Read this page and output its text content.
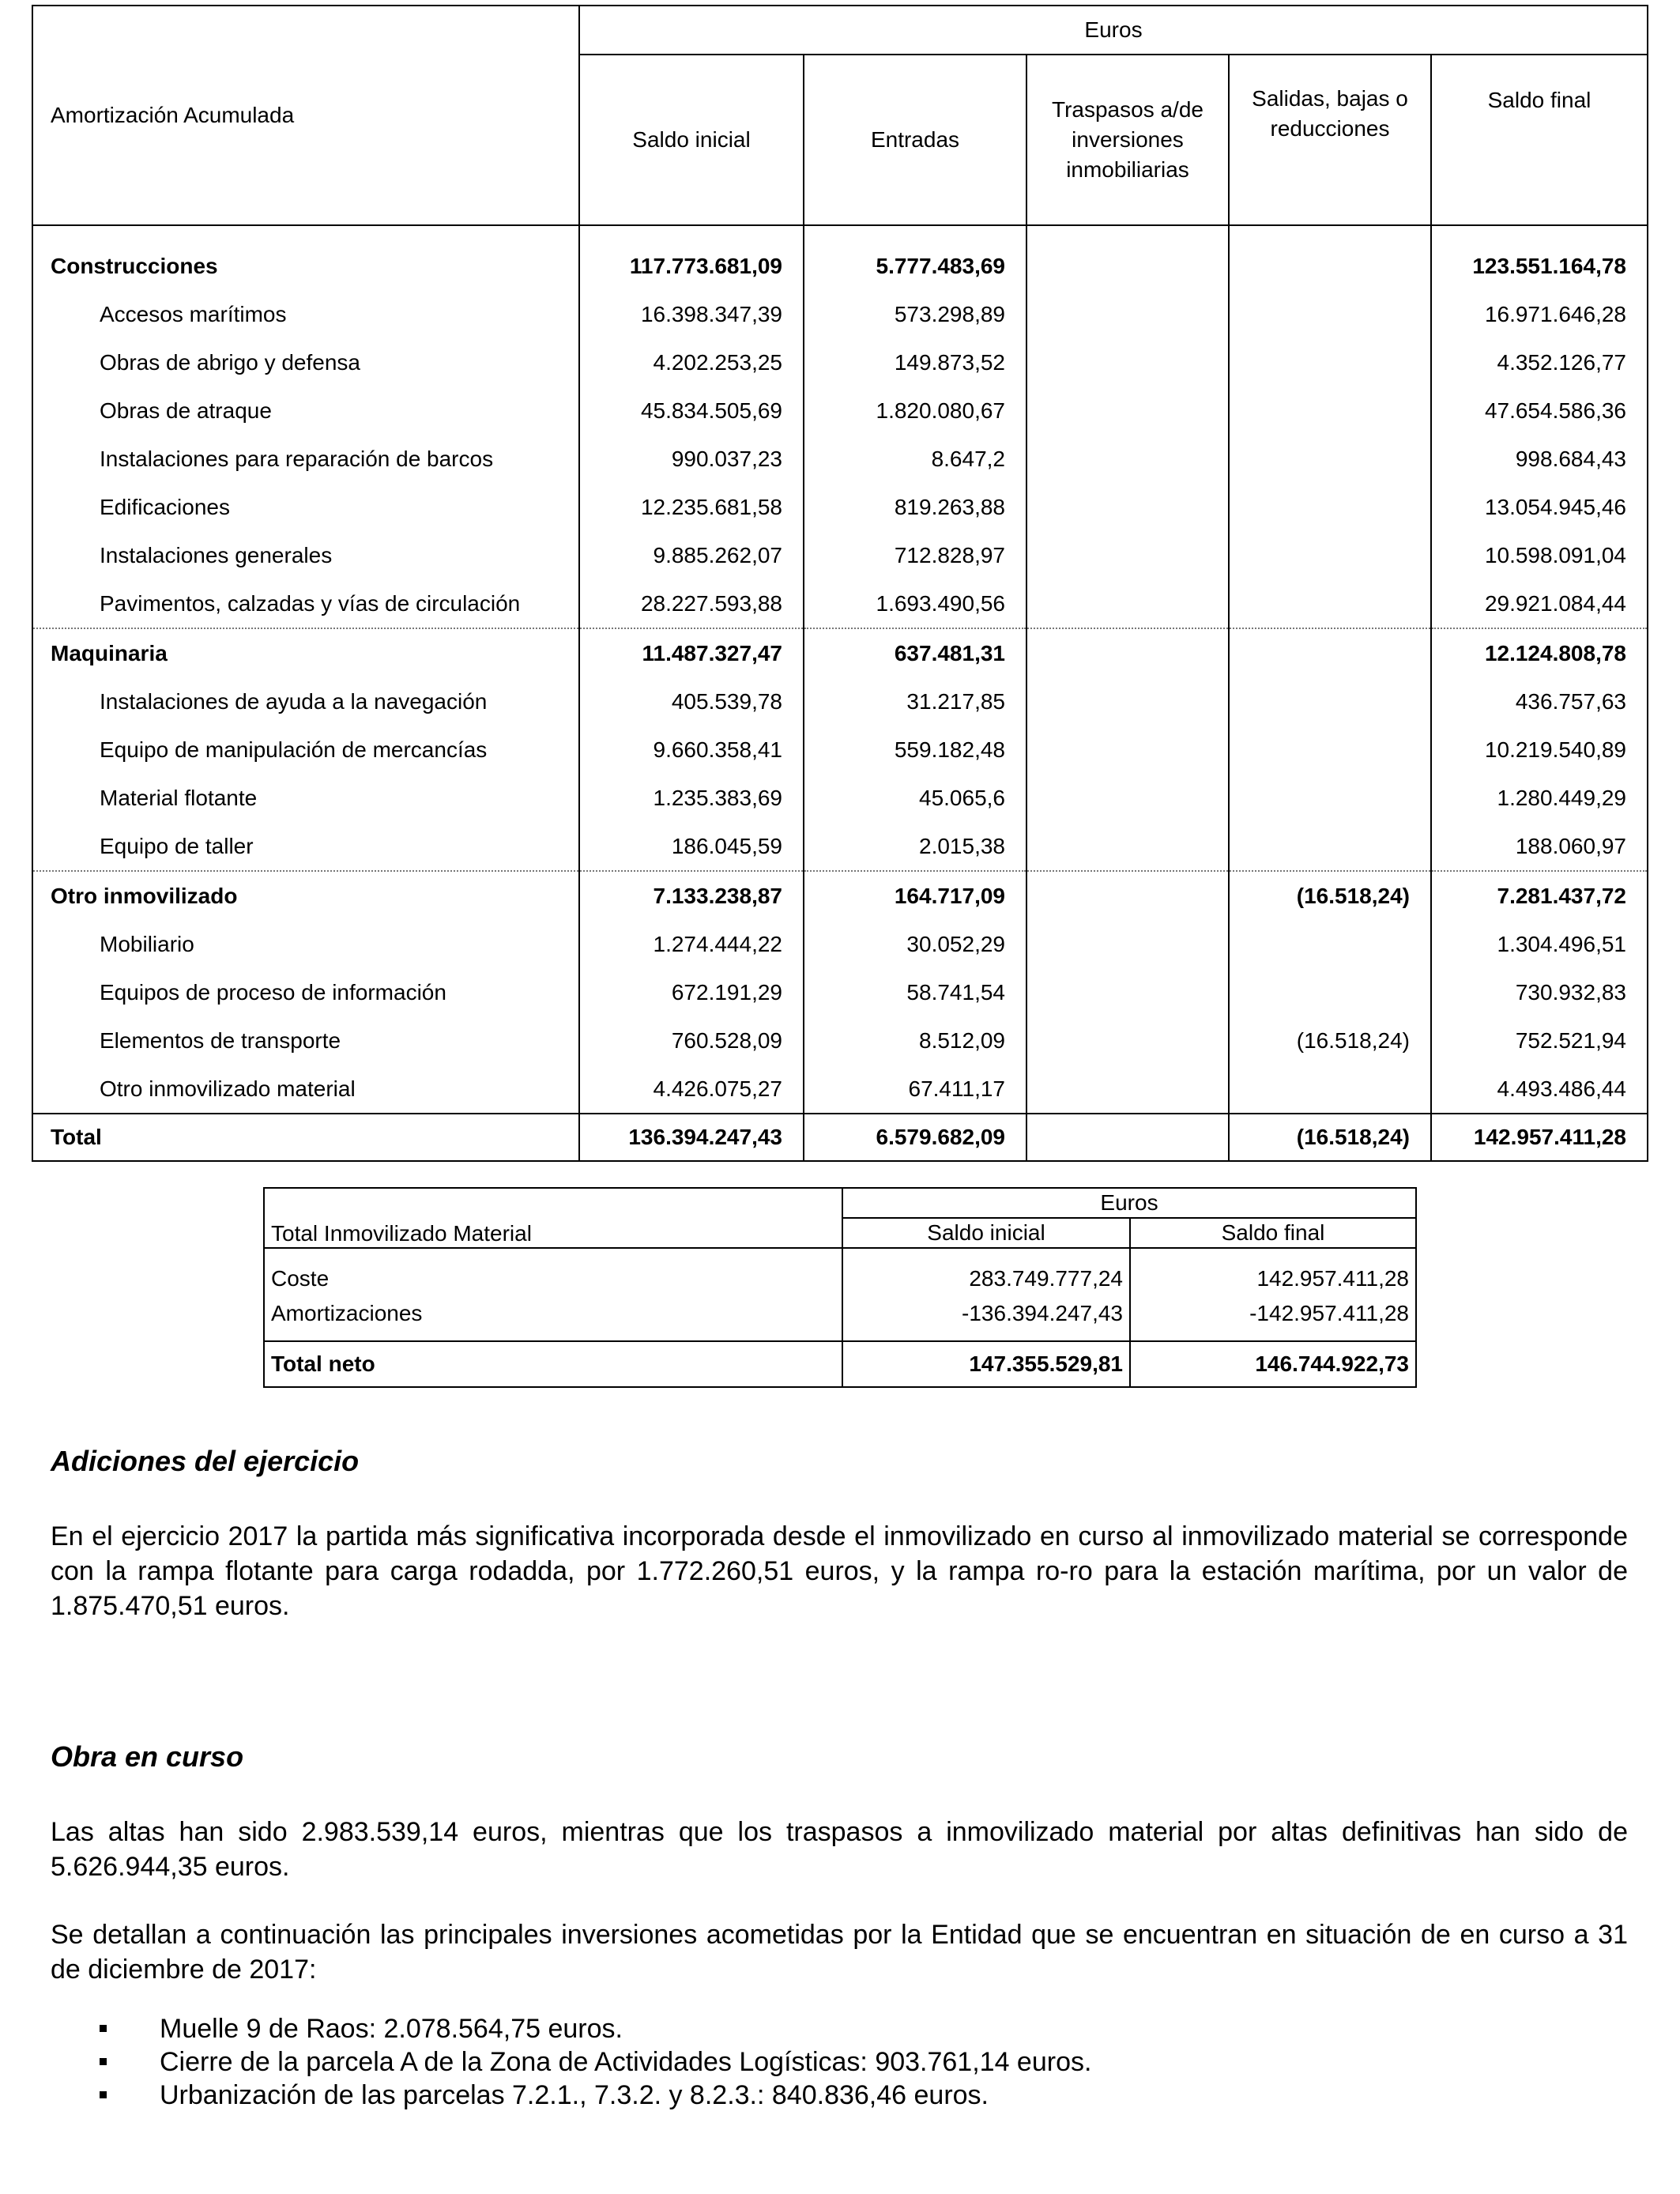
Amortización Acumulada	Euros				
	Saldo inicial	Entradas	Traspasos a/de inversiones inmobiliarias	Salidas, bajas o reducciones	Saldo final
Construcciones	117.773.681,09	5.777.483,69			123.551.164,78
Accesos marítimos	16.398.347,39	573.298,89			16.971.646,28
Obras de abrigo y defensa	4.202.253,25	149.873,52			4.352.126,77
Obras de atraque	45.834.505,69	1.820.080,67			47.654.586,36
Instalaciones para reparación de barcos	990.037,23	8.647,2			998.684,43
Edificaciones	12.235.681,58	819.263,88			13.054.945,46
Instalaciones generales	9.885.262,07	712.828,97			10.598.091,04
Pavimentos, calzadas y vías de circulación	28.227.593,88	1.693.490,56			29.921.084,44
Maquinaria	11.487.327,47	637.481,31			12.124.808,78
Instalaciones de ayuda a la navegación	405.539,78	31.217,85			436.757,63
Equipo de manipulación de mercancías	9.660.358,41	559.182,48			10.219.540,89
Material flotante	1.235.383,69	45.065,6			1.280.449,29
Equipo de taller	186.045,59	2.015,38			188.060,97
Otro inmovilizado	7.133.238,87	164.717,09		(16.518,24)	7.281.437,72
Mobiliario	1.274.444,22	30.052,29			1.304.496,51
Equipos de proceso de información	672.191,29	58.741,54			730.932,83
Elementos de transporte	760.528,09	8.512,09		(16.518,24)	752.521,94
Otro inmovilizado material	4.426.075,27	67.411,17			4.493.486,44
Total	136.394.247,43	6.579.682,09		(16.518,24)	142.957.411,28
Total Inmovilizado Material	Euros	
	Saldo inicial	Saldo final

Coste	283.749.777,24	142.957.411,28
Amortizaciones	-136.394.247,43	-142.957.411,28

Total neto	147.355.529,81	146.744.922,73
Adiciones del ejercicio

En el ejercicio 2017 la partida más significativa incorporada desde el inmovilizado en curso al inmovilizado material se corresponde con la rampa flotante para carga rodadda, por 1.772.260,51 euros, y la rampa ro-ro para la estación marítima, por un valor de 1.875.470,51 euros.

Obra en curso

Las altas han sido 2.983.539,14 euros, mientras que los traspasos a inmovilizado material por altas definitivas han sido de 5.626.944,35 euros.

Se detallan a continuación las principales inversiones acometidas por la Entidad que se encuentran en situación de en curso a 31 de diciembre de 2017:

Muelle 9 de Raos: 2.078.564,75 euros.
Cierre de la parcela A de la Zona de Actividades Logísticas: 903.761,14 euros.
Urbanización de las parcelas 7.2.1., 7.3.2. y 8.2.3.: 840.836,46 euros.
